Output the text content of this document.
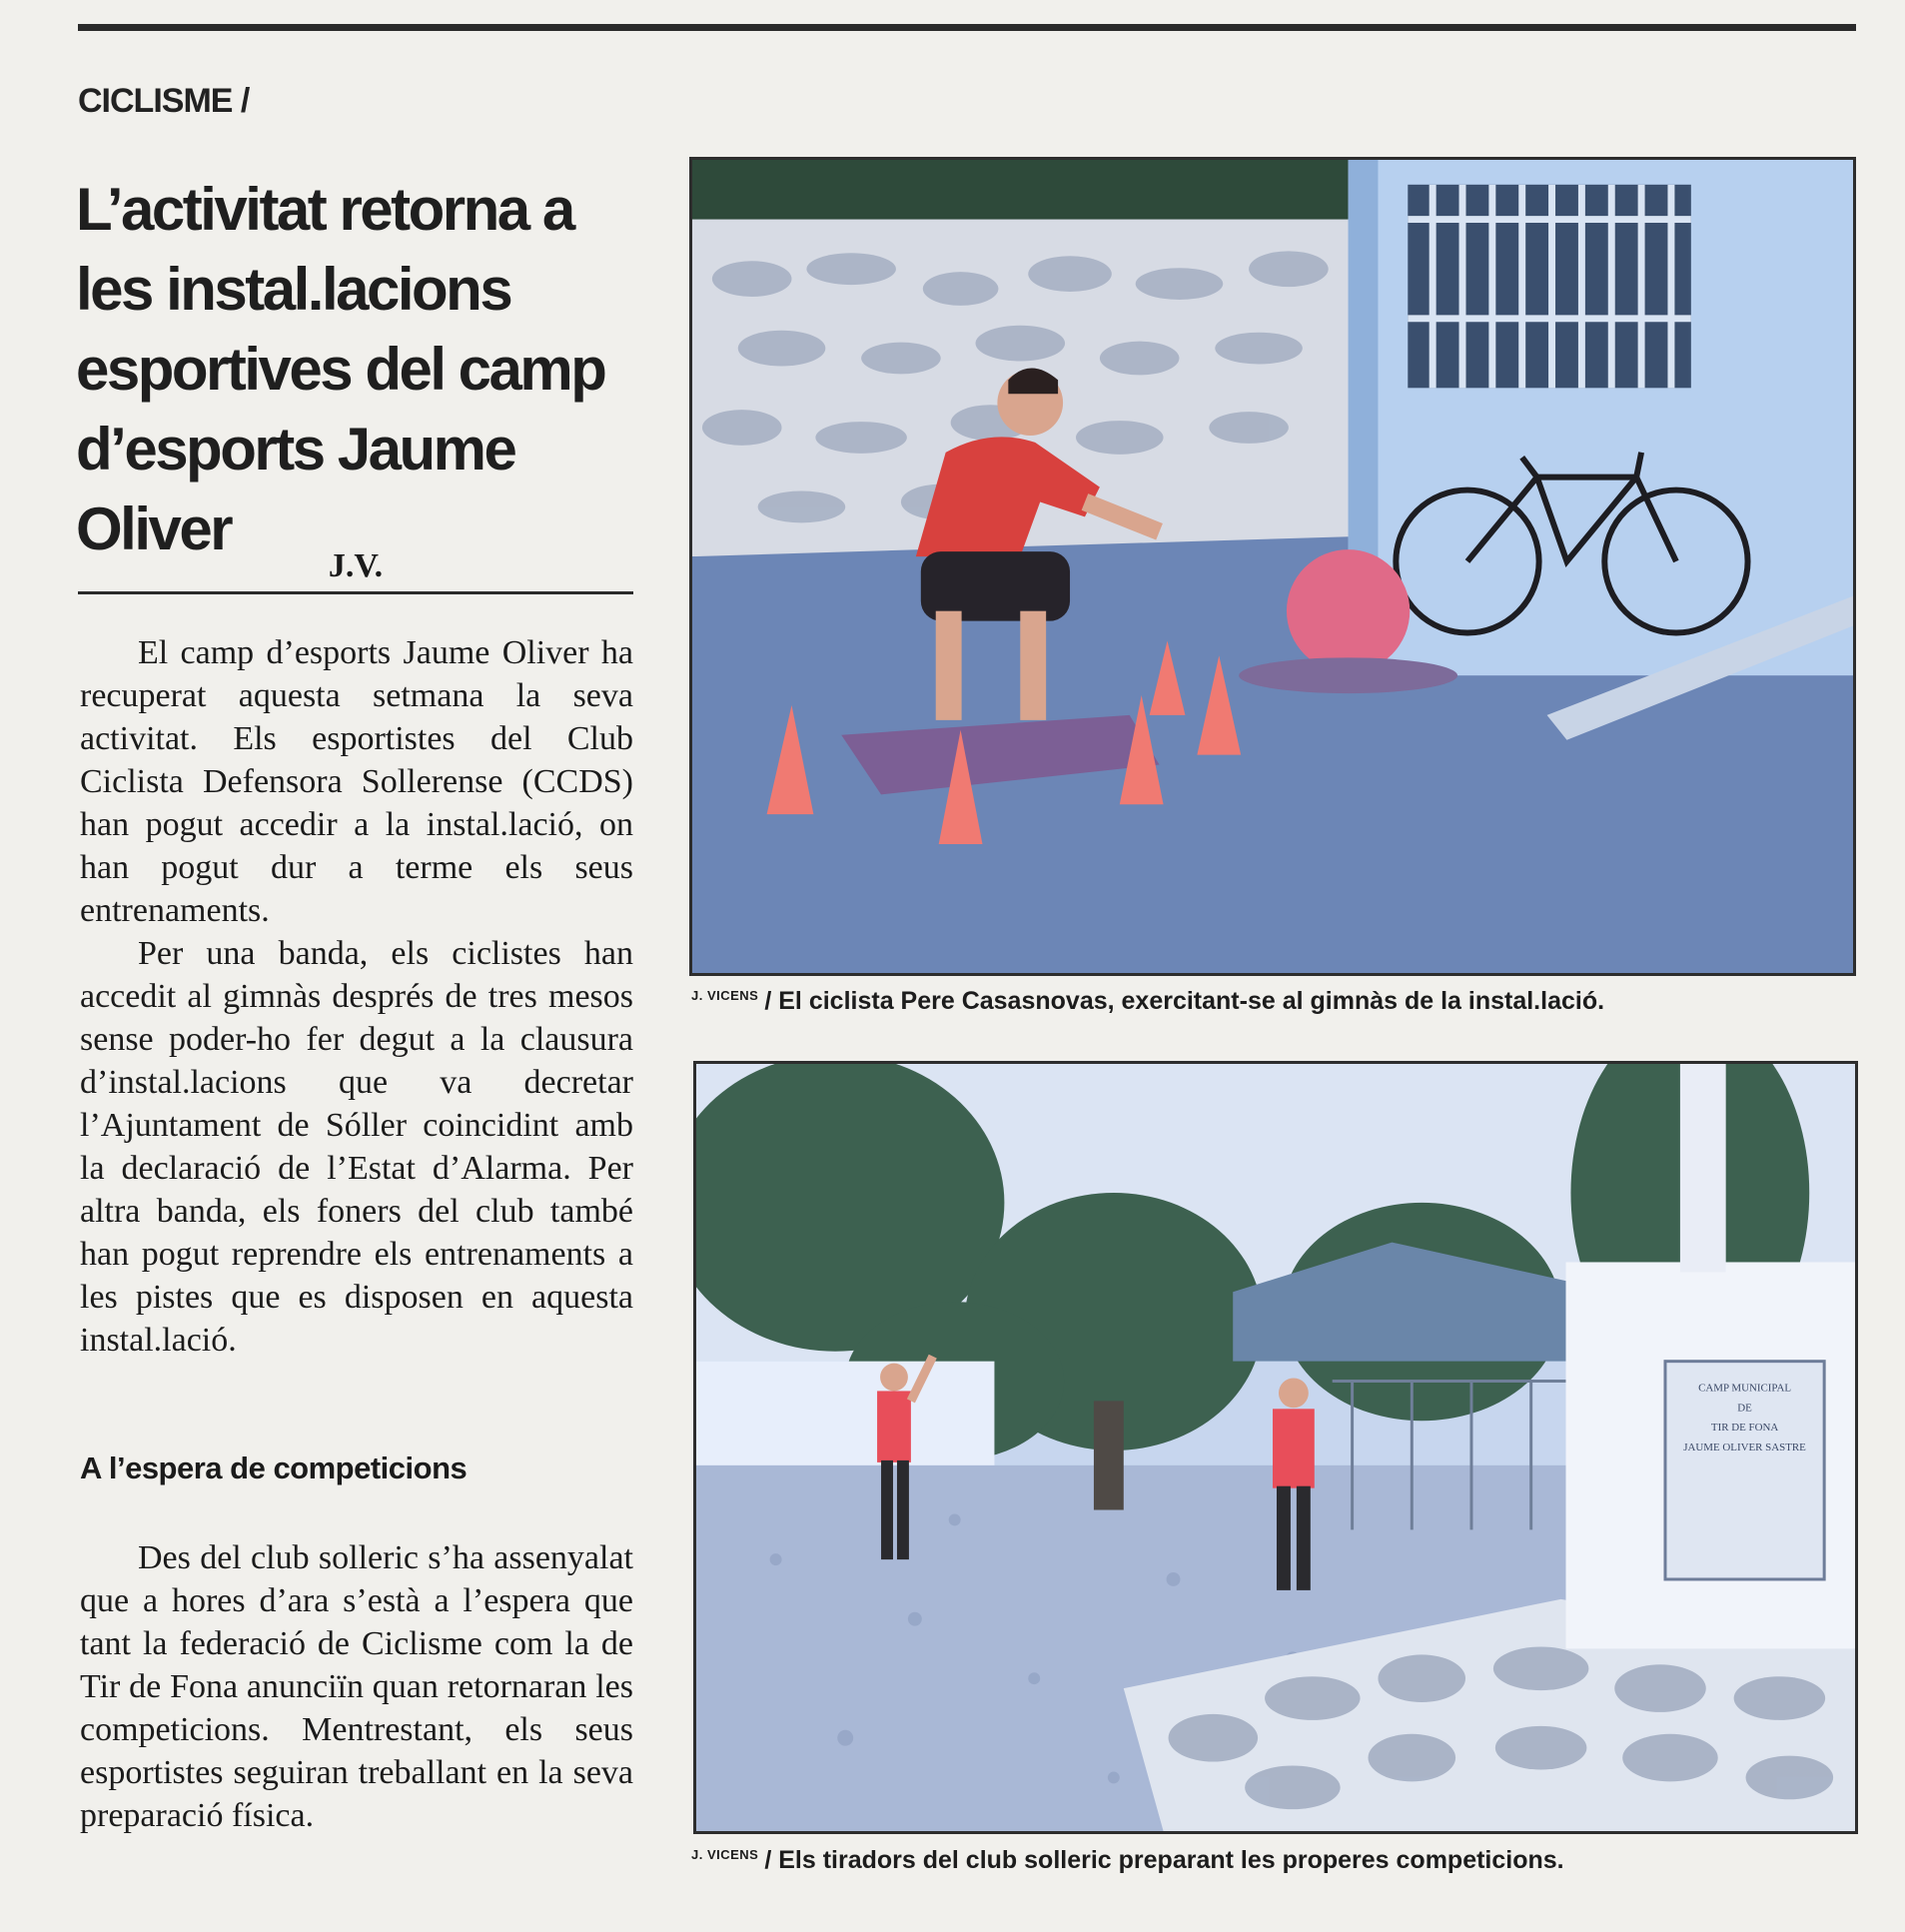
CICLISME /
L’activitat retorna a les instal.lacions esportives del camp d’esports Jaume Oliver
J.V.

El camp d’esports Jaume Oliver ha recuperat aquesta setmana la seva activitat. Els esportistes del Club Ciclista Defensora Sollerense (CCDS) han pogut accedir a la instal.lació, on han pogut dur a terme els seus entrenaments.

Per una banda, els ciclistes han accedit al gimnàs després de tres mesos sense poder-ho fer degut a la clausura d’instal.lacions que va decretar l’Ajuntament de Sóller coincidint amb la declaració de l’Estat d’Alarma. Per altra banda, els foners del club també han pogut reprendre els entrenaments a les pistes que es disposen en aquesta instal.lació.

A l’espera de competicions

Des del club solleric s’ha assenyalat que a hores d’ara s’està a l’espera que tant la federació de Ciclisme com la de Tir de Fona anunciïn quan retornaran les competicions. Mentrestant, els seus esportistes seguiran treballant en la seva preparació física.

$^{J. VICENS}$ / El ciclista Pere Casasnovas, exercitant-se al gimnàs de la instal.lació.
CAMP MUNICIPAL
DE
TIR DE FONA
JAUME OLIVER SASTRE
$^{J. VICENS}$ / Els tiradors del club solleric preparant les properes competicions.
